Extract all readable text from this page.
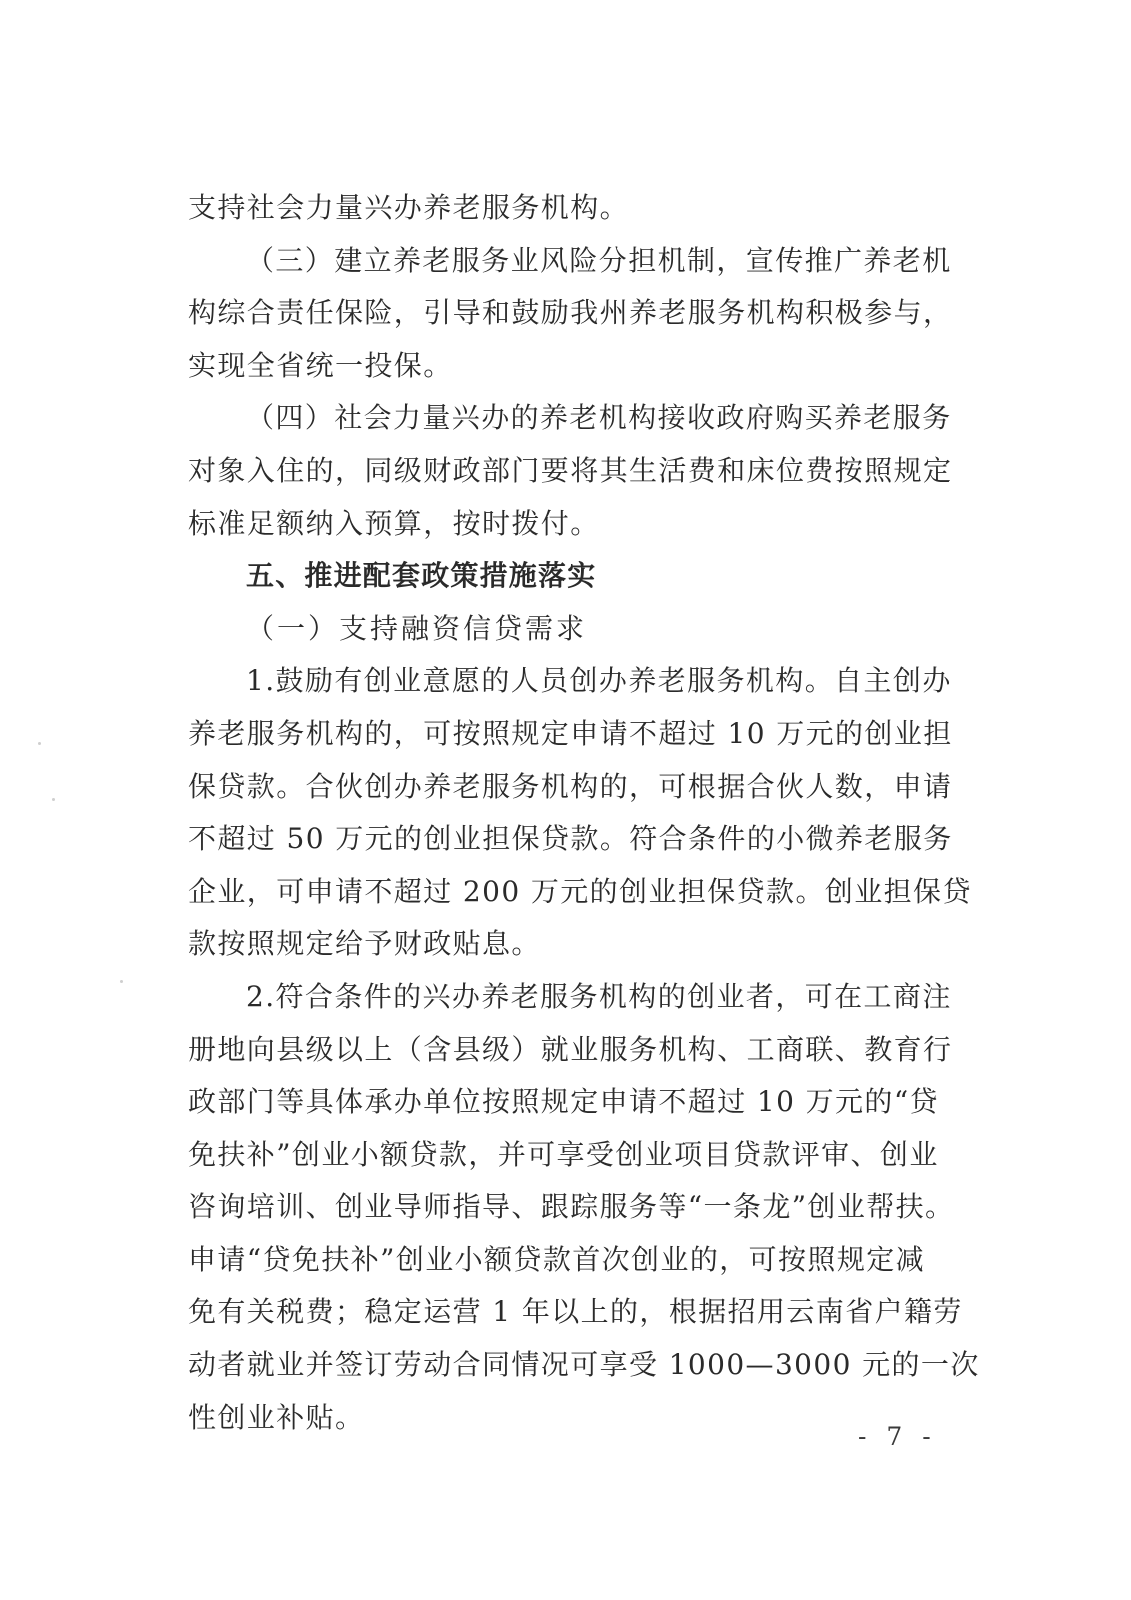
支持社会力量兴办养老服务机构。
（三）建立养老服务业风险分担机制，宣传推广养老机
构综合责任保险，引导和鼓励我州养老服务机构积极参与，
实现全省统一投保。
（四）社会力量兴办的养老机构接收政府购买养老服务
对象入住的，同级财政部门要将其生活费和床位费按照规定
标准足额纳入预算，按时拨付。
五、推进配套政策措施落实
（一）支持融资信贷需求
1.鼓励有创业意愿的人员创办养老服务机构。自主创办
养老服务机构的，可按照规定申请不超过 10 万元的创业担
保贷款。合伙创办养老服务机构的，可根据合伙人数，申请
不超过 50 万元的创业担保贷款。符合条件的小微养老服务
企业，可申请不超过 200 万元的创业担保贷款。创业担保贷
款按照规定给予财政贴息。
2.符合条件的兴办养老服务机构的创业者，可在工商注
册地向县级以上（含县级）就业服务机构、工商联、教育行
政部门等具体承办单位按照规定申请不超过 10 万元的“贷
免扶补”创业小额贷款，并可享受创业项目贷款评审、创业
咨询培训、创业导师指导、跟踪服务等“一条龙”创业帮扶。
申请“贷免扶补”创业小额贷款首次创业的，可按照规定减
免有关税费；稳定运营 1 年以上的，根据招用云南省户籍劳
动者就业并签订劳动合同情况可享受 1000—3000 元的一次
性创业补贴。
- 7 -
